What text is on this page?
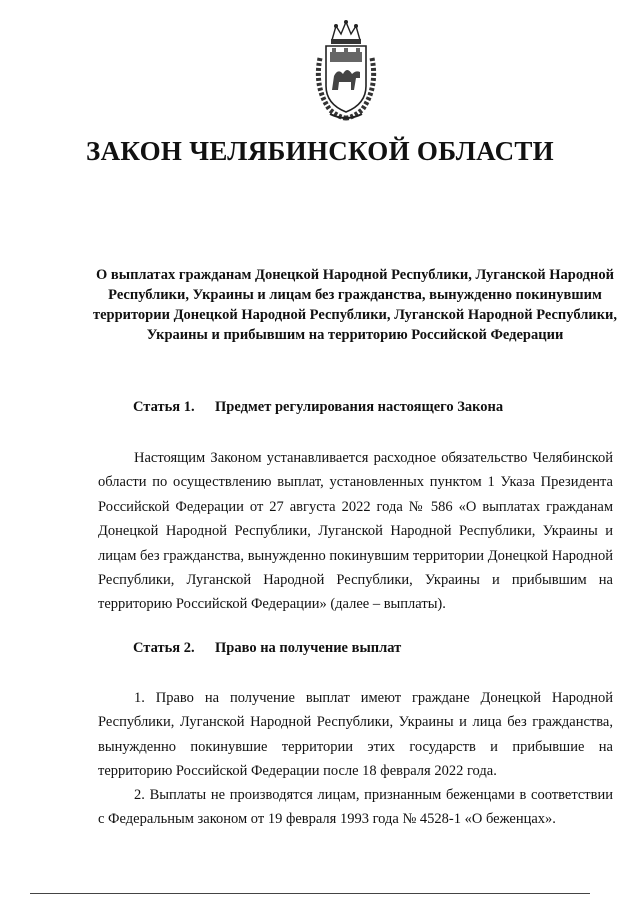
ЗАКОН ЧЕЛЯБИНСКОЙ ОБЛАСТИ

О выплатах гражданам Донецкой Народной Республики, Луганской Народной Республики, Украины и лицам без гражданства, вынужденно покинувшим территории Донецкой Народной Республики, Луганской Народной Республики, Украины и прибывшим на территорию Российской Федерации

Статья 1. Предмет регулирования настоящего Закона

Настоящим Законом устанавливается расходное обязательство Челябинской области по осуществлению выплат, установленных пунктом 1 Указа Президента Российской Федерации от 27 августа 2022 года № 586 «О выплатах гражданам Донецкой Народной Республики, Луганской Народной Республики, Украины и лицам без гражданства, вынужденно покинувшим территории Донецкой Народной Республики, Луганской Народной Республики, Украины и прибывшим на территорию Российской Федерации» (далее – выплаты).

Статья 2. Право на получение выплат

1. Право на получение выплат имеют граждане Донецкой Народной Республики, Луганской Народной Республики, Украины и лица без гражданства, вынужденно покинувшие территории этих государств и прибывшие на территорию Российской Федерации после 18 февраля 2022 года.

2. Выплаты не производятся лицам, признанным беженцами в соответствии с Федеральным законом от 19 февраля 1993 года № 4528-1 «О беженцах».
